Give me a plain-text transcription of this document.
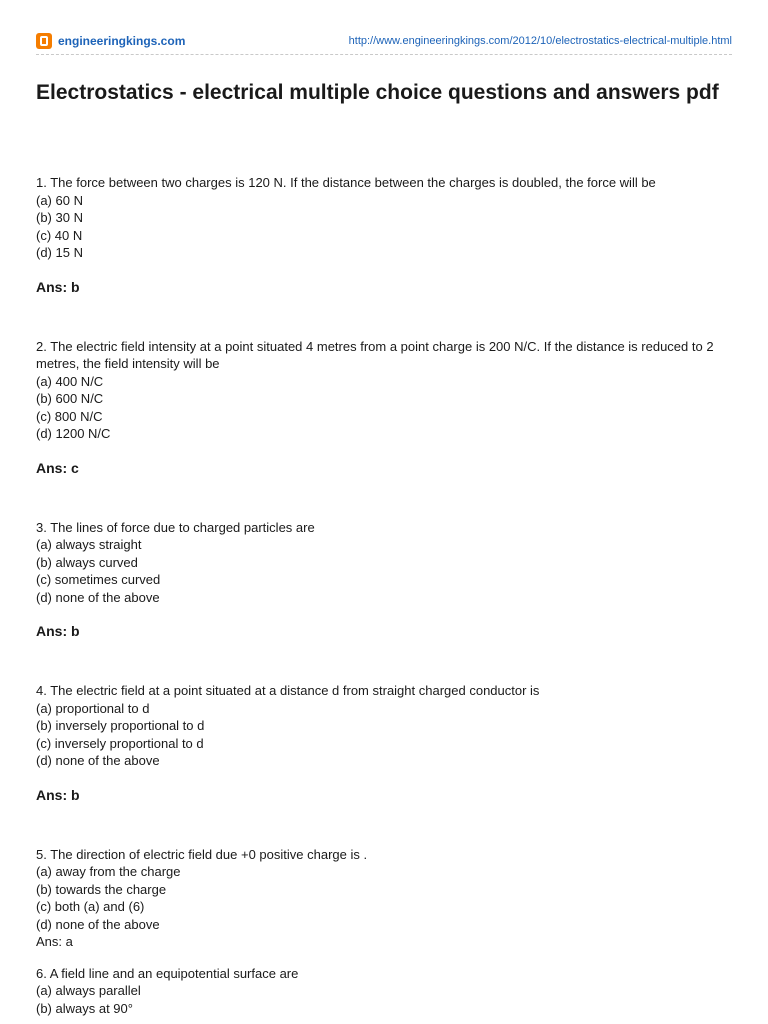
engineeringkings.com	http://www.engineeringkings.com/2012/10/electrostatics-electrical-multiple.html
Electrostatics - electrical multiple choice questions and answers pdf
1. The force between two charges is 120 N. If the distance between the charges is doubled, the force will be
(a) 60 N
(b) 30 N
(c) 40 N
(d) 15 N
Ans: b
2. The electric field intensity at a point situated 4 metres from a point charge is 200 N/C. If the distance is reduced to 2 metres, the field intensity will be
(a) 400 N/C
(b) 600 N/C
(c) 800 N/C
(d) 1200 N/C
Ans: c
3. The lines of force due to charged particles are
(a) always straight
(b) always curved
(c) sometimes curved
(d) none of the above
Ans: b
4. The electric field at a point situated at a distance d from straight charged conductor is
(a) proportional to d
(b) inversely proportional to d
(c) inversely proportional to d
(d) none of the above
Ans: b
5. The direction of electric field due +0 positive charge is .
(a) away from the charge
(b) towards the charge
(c) both (a) and (6)
(d) none of the above
Ans: a
6. A field line and an equipotential surface are
(a) always parallel
(b) always at 90°
